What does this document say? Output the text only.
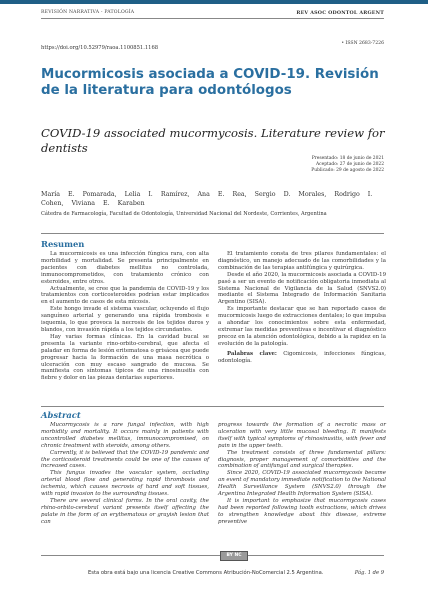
REVISIÓN NARRATIVA - PATOLOGÍA	REV ASOC ODONTOL ARGENT
https://doi.org/10.52979/raoa.1100851.1168
• ISSN 2683-7226
Mucormicosis asociada a COVID-19. Revisión de la literatura para odontólogos
COVID-19 associated mucormycosis. Literature review for dentists
Presentado: 18 de junio de 2021
Aceptado: 27 de junio de 2022
Publicado: 29 de agosto de 2022
María E. Pomarada, Lelia I. Ramírez, Ana E. Rea, Sergio D. Morales, Rodrigo I. Cohen, Viviana E. Karaben
Cátedra de Farmacología, Facultad de Odontología, Universidad Nacional del Nordeste, Corrientes, Argentina
Resumen

La mucormicosis es una infección fúngica rara, con alta morbilidad y mortalidad. Se presenta principalmente en pacientes con diabetes mellitus no controlada, inmunocomprometidos, con tratamiento crónico con esteroides, entre otros.

Actualmente, se cree que la pandemia de COVID-19 y los tratamientos con corticosteroides podrían estar implicados en el aumento de casos de esta micosis.

Este hongo invade el sistema vascular, ocluyendo el flujo sanguíneo arterial y generando una rápida trombosis e isquemia, lo que provoca la necrosis de los tejidos duros y blandos, con invasión rápida a los tejidos circundantes.

Hay varias formas clínicas. En la cavidad bucal se presenta la variante rino-orbito-cerebral, que afecta el paladar en forma de lesión eritematosa o grisácea que puede progresar hacia la formación de una masa necrótica o ulceración con muy escaso sangrado de mucosa. Se manifiesta con síntomas típicos de una rinosinusitis con fiebre y dolor en las piezas dentarias superiores.

El tratamiento consta de tres pilares fundamentales: el diagnóstico, un manejo adecuado de las comorbilidades y la combinación de las terapias antifúngica y quirúrgica.

Desde el año 2020, la mucormicosis asociada a COVID-19 pasó a ser un evento de notificación obligatoria inmediata al Sistema Nacional de Vigilancia de la Salud (SNVS2.0) mediante el Sistema Integrado de Información Sanitaria Argentino (SISA).

Es importante destacar que se han reportado casos de mucormicosis luego de extracciones dentales; lo que impulsa a ahondar los conocimientos sobre esta enfermedad, extremar las medidas preventivas e incentivar el diagnóstico precoz en la atención odontológica, debido a la rapidez en la evolución de la patología.

Palabras clave: Cigomicosis, infecciones fúngicas, odontología.

Abstract

Mucormycosis is a rare fungal infection, with high morbidity and mortality. It occurs mainly in patients with uncontrolled diabetes mellitus, immunocompromised, on chronic treatment with steroids, among others.

Currently, it is believed that the COVID-19 pandemic and the corticosteroid treatments could be one of the causes of increased cases.

This fungus invades the vascular system, occluding arterial blood flow and generating rapid thrombosis and ischemia, which causes necrosis of hard and soft tissues, with rapid invasion to the surrounding tissues.

There are several clinical forms. In the oral cavity, the rhino-orbito-cerebral variant presents itself affecting the palate in the form of an erythematous or grayish lesion that can

progress towards the formation of a necrotic mass or ulceration with very little mucosal bleeding. It manifests itself with typical symptoms of rhinosinusitis, with fever and pain in the upper teeth.

The treatment consists of three fundamental pillars: diagnosis, proper management of comorbidities and the combination of antifungal and surgical therapies.

Since 2020, COVID-19 associated mucormycosis became an event of mandatory immediate notification to the National Health Surveillance System (SNVS2.0) through the Argentina Integrated Health Information System (SISA).

It is important to emphasize that mucormycosis cases had been reported following tooth extractions, which drives to strengthen knowledge about this disease, extreme preventive

BY NC
Esta obra está bajo una licencia Creative Commons Atribución-NoComercial 2.5 Argentina.	Pág. 1 de 9
